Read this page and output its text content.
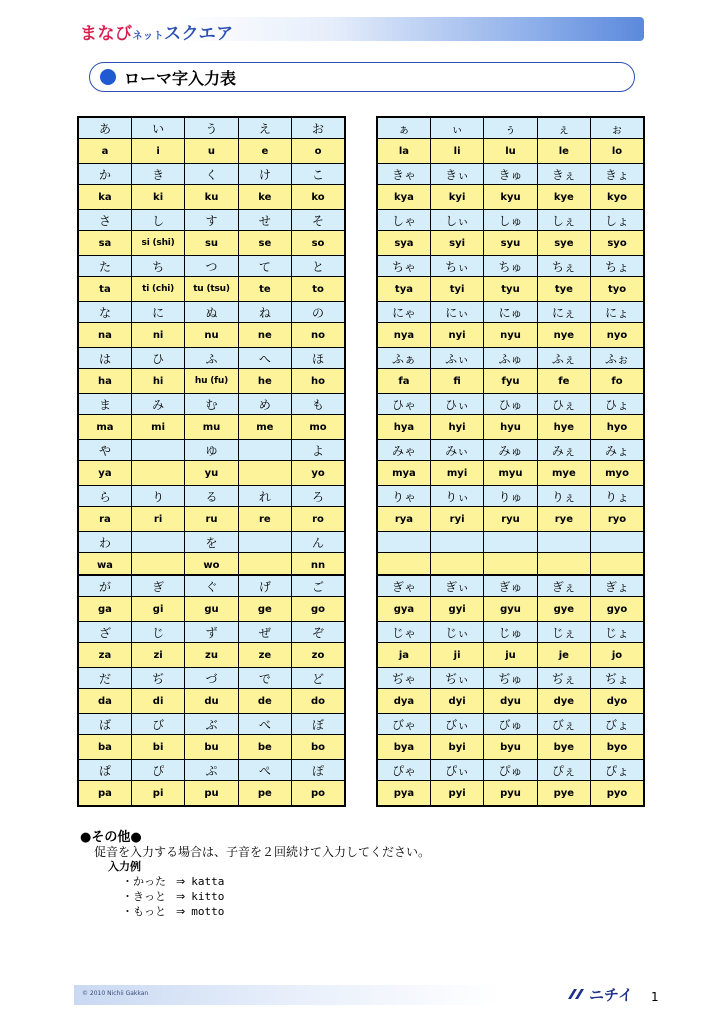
まなびネットスクエア
ローマ字入力表
あ	い	う	え	お
a	i	u	e	o
か	き	く	け	こ
ka	ki	ku	ke	ko
さ	し	す	せ	そ
sa	si (shi)	su	se	so
た	ち	つ	て	と
ta	ti (chi)	tu (tsu)	te	to
な	に	ぬ	ね	の
na	ni	nu	ne	no
は	ひ	ふ	へ	ほ
ha	hi	hu (fu)	he	ho
ま	み	む	め	も
ma	mi	mu	me	mo
や		ゆ		よ
ya		yu		yo
ら	り	る	れ	ろ
ra	ri	ru	re	ro
わ		を		ん
wa		wo		nn
ぁ	ぃ	ぅ	ぇ	ぉ
la	li	lu	le	lo
きゃ	きぃ	きゅ	きぇ	きょ
kya	kyi	kyu	kye	kyo
しゃ	しぃ	しゅ	しぇ	しょ
sya	syi	syu	sye	syo
ちゃ	ちぃ	ちゅ	ちぇ	ちょ
tya	tyi	tyu	tye	tyo
にゃ	にぃ	にゅ	にぇ	にょ
nya	nyi	nyu	nye	nyo
ふぁ	ふぃ	ふゅ	ふぇ	ふぉ
fa	fi	fyu	fe	fo
ひゃ	ひぃ	ひゅ	ひぇ	ひょ
hya	hyi	hyu	hye	hyo
みゃ	みぃ	みゅ	みぇ	みょ
mya	myi	myu	mye	myo
りゃ	りぃ	りゅ	りぇ	りょ
rya	ryi	ryu	rye	ryo

が	ぎ	ぐ	げ	ご
ga	gi	gu	ge	go
ざ	じ	ず	ぜ	ぞ
za	zi	zu	ze	zo
だ	ぢ	づ	で	ど
da	di	du	de	do
ば	び	ぶ	べ	ぼ
ba	bi	bu	be	bo
ぱ	ぴ	ぷ	ぺ	ぽ
pa	pi	pu	pe	po
ぎゃ	ぎぃ	ぎゅ	ぎぇ	ぎょ
gya	gyi	gyu	gye	gyo
じゃ	じぃ	じゅ	じぇ	じょ
ja	ji	ju	je	jo
ぢゃ	ぢぃ	ぢゅ	ぢぇ	ぢょ
dya	dyi	dyu	dye	dyo
びゃ	びぃ	びゅ	びぇ	びょ
bya	byi	byu	bye	byo
ぴゃ	ぴぃ	ぴゅ	ぴぇ	ぴょ
pya	pyi	pyu	pye	pyo
●その他●
促音を入力する場合は、子音を２回続けて入力してください。
入力例
・かった ⇒ katta
・きっと ⇒ kitto
・もっと ⇒ motto
© 2010 Nichii Gakkan	ニチイ 1
